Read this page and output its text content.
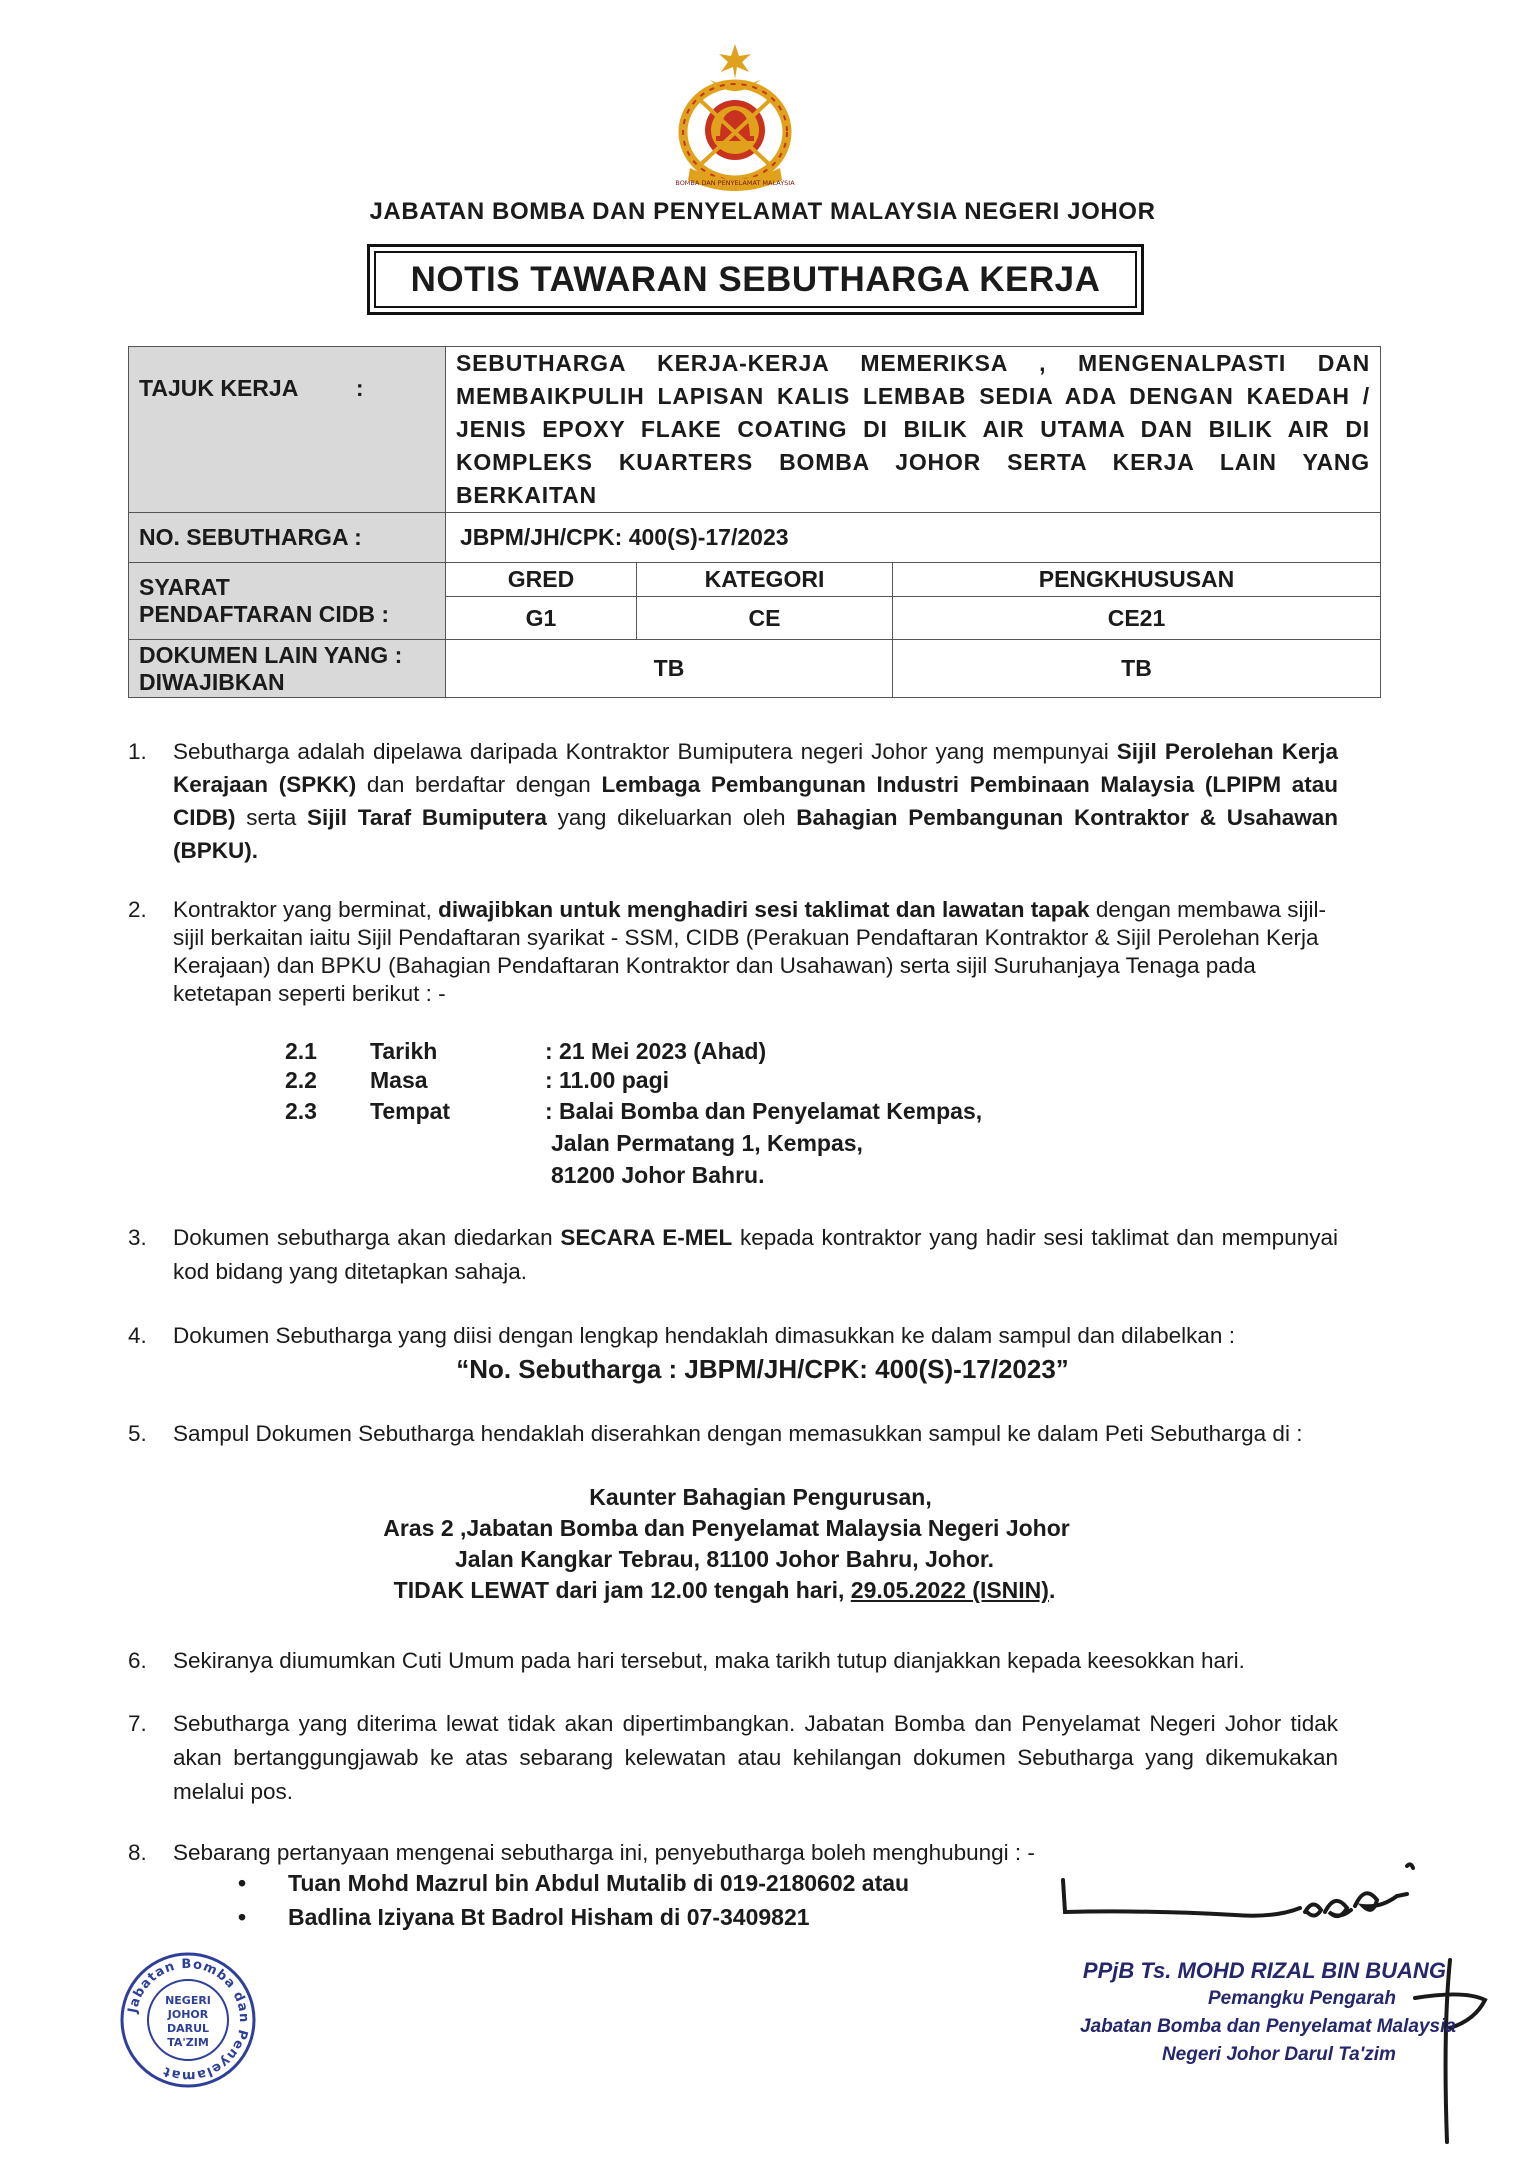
BOMBA DAN PENYELAMAT MALAYSIA
JABATAN BOMBA DAN PENYELAMAT MALAYSIA NEGERI JOHOR
NOTIS TAWARAN SEBUTHARGA KERJA
TAJUK KERJA :	SEBUTHARGA KERJA-KERJA MEMERIKSA , MENGENALPASTI DAN MEMBAIKPULIH LAPISAN KALIS LEMBAB SEDIA ADA DENGAN KAEDAH / JENIS EPOXY FLAKE COATING DI BILIK AIR UTAMA DAN BILIK AIR DI KOMPLEKS KUARTERS BOMBA JOHOR SERTA KERJA LAIN YANG BERKAITAN		
NO. SEBUTHARGA :	JBPM/JH/CPK: 400(S)-17/2023		

SYARAT
PENDAFTARAN CIDB :	GRED	KATEGORI	PENGKHUSUSAN
	G1	CE	CE21

DOKUMEN LAIN YANG :
DIWAJIBKAN	TB		TB
1. Sebutharga adalah dipelawa daripada Kontraktor Bumiputera negeri Johor yang mempunyai Sijil Perolehan Kerja Kerajaan (SPKK) dan berdaftar dengan Lembaga Pembangunan Industri Pembinaan Malaysia (LPIPM atau CIDB) serta Sijil Taraf Bumiputera yang dikeluarkan oleh Bahagian Pembangunan Kontraktor & Usahawan (BPKU).
2. Kontraktor yang berminat, diwajibkan untuk menghadiri sesi taklimat dan lawatan tapak dengan membawa sijil-sijil berkaitan iaitu Sijil Pendaftaran syarikat - SSM, CIDB (Perakuan Pendaftaran Kontraktor & Sijil Perolehan Kerja Kerajaan) dan BPKU (Bahagian Pendaftaran Kontraktor dan Usahawan) serta sijil Suruhanjaya Tenaga pada ketetapan seperti berikut : -
2.1 Tarikh	: 21 Mei 2023 (Ahad)
2.2 Masa	: 11.00 pagi
2.3 Tempat	: Balai Bomba dan Penyelamat Kempas,
Jalan Permatang 1, Kempas,
81200 Johor Bahru.
3. Dokumen sebutharga akan diedarkan SECARA E-MEL kepada kontraktor yang hadir sesi taklimat dan mempunyai kod bidang yang ditetapkan sahaja.
4. Dokumen Sebutharga yang diisi dengan lengkap hendaklah dimasukkan ke dalam sampul dan dilabelkan :
“No. Sebutharga : JBPM/JH/CPK: 400(S)-17/2023”
5. Sampul Dokumen Sebutharga hendaklah diserahkan dengan memasukkan sampul ke dalam Peti Sebutharga di :
Kaunter Bahagian Pengurusan,
Aras 2 ,Jabatan Bomba dan Penyelamat Malaysia Negeri Johor
Jalan Kangkar Tebrau, 81100 Johor Bahru, Johor.
TIDAK LEWAT dari jam 12.00 tengah hari, 29.05.2022 (ISNIN).
6. Sekiranya diumumkan Cuti Umum pada hari tersebut, maka tarikh tutup dianjakkan kepada keesokkan hari.
7. Sebutharga yang diterima lewat tidak akan dipertimbangkan. Jabatan Bomba dan Penyelamat Negeri Johor tidak akan bertanggungjawab ke atas sebarang kelewatan atau kehilangan dokumen Sebutharga yang dikemukakan melalui pos.
8. Sebarang pertanyaan mengenai sebutharga ini, penyebutharga boleh menghubungi : -
• Tuan Mohd Mazrul bin Abdul Mutalib di 019-2180602 atau
• Badlina Iziyana Bt Badrol Hisham di 07-3409821
Jabatan Bomba dan Penyelamat
NEGERI
JOHOR
DARUL
TA'ZIM
PPjB Ts. MOHD RIZAL BIN BUANG
Pemangku Pengarah
Jabatan Bomba dan Penyelamat Malaysia
Negeri Johor Darul Ta'zim
